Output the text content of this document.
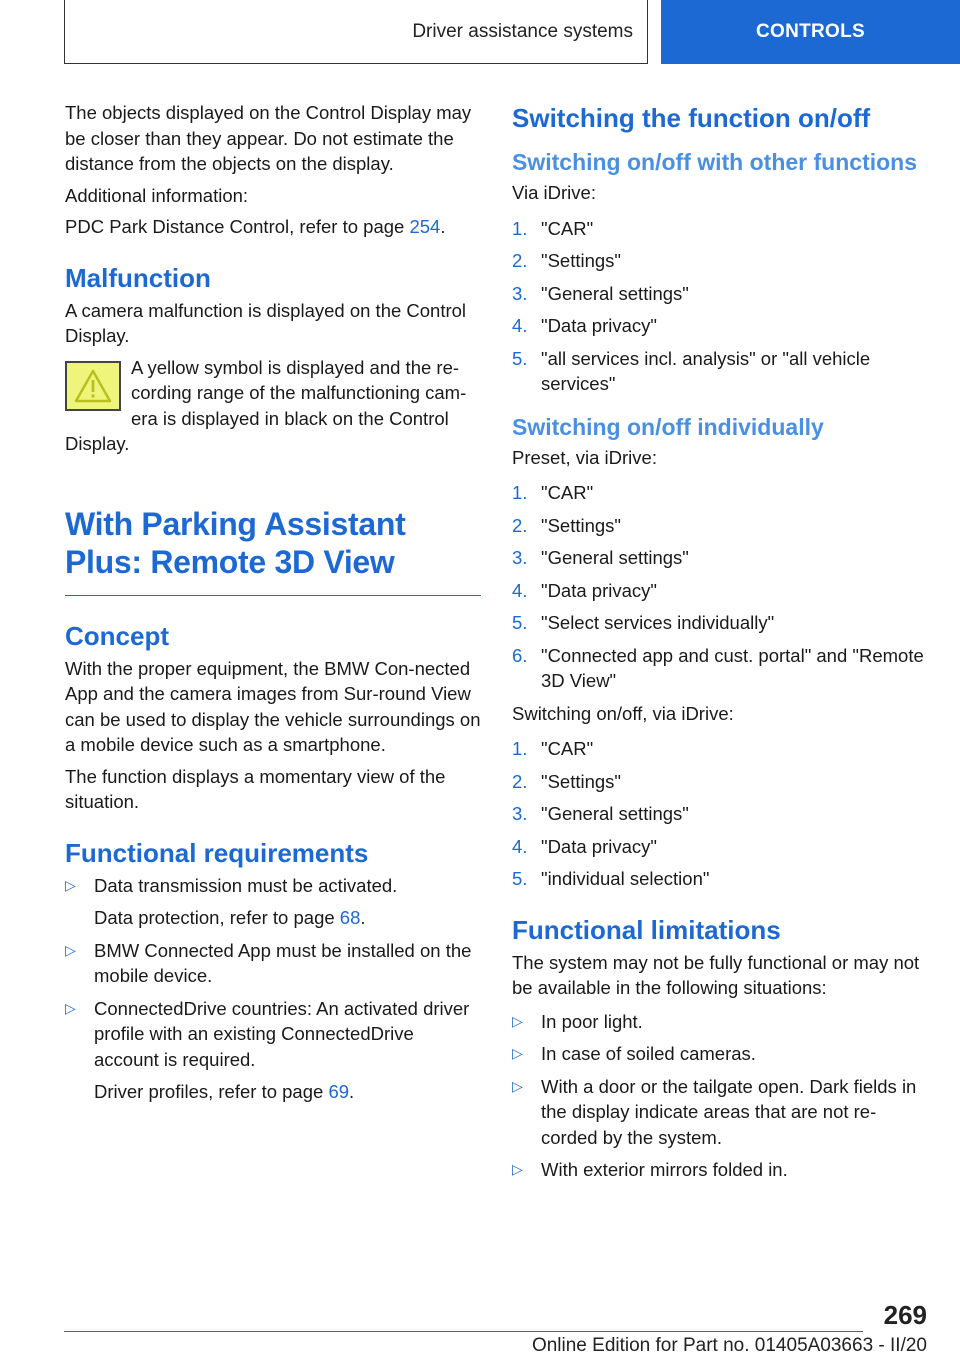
Driver assistance systems	CONTROLS

The objects displayed on the Control Display may be closer than they appear. Do not estimate the distance from the objects on the display.

Additional information:

PDC Park Distance Control, refer to page 254.

Malfunction

A camera malfunction is displayed on the Control Display.

A yellow symbol is displayed and the re‐cording range of the malfunctioning cam‐era is displayed in black on the Control Display.

With Parking Assistant Plus: Remote 3D View
Concept

With the proper equipment, the BMW Con‐nected App and the camera images from Sur‐round View can be used to display the vehicle surroundings on a mobile device such as a smartphone.

The function displays a momentary view of the situation.

Functional requirements
▷ Data transmission must be activated.
Data protection, refer to page 68.
▷ BMW Connected App must be installed on the mobile device.
▷ ConnectedDrive countries: An activated driver profile with an existing ConnectedDrive account is required.
Driver profiles, refer to page 69.
Switching the function on/off
Switching on/off with other functions

Via iDrive:

1. "CAR"
2. "Settings"
3. "General settings"
4. "Data privacy"
5. "all services incl. analysis" or "all vehicle services"
Switching on/off individually

Preset, via iDrive:

1. "CAR"
2. "Settings"
3. "General settings"
4. "Data privacy"
5. "Select services individually"
6. "Connected app and cust. portal" and "Remote 3D View"

Switching on/off, via iDrive:

1. "CAR"
2. "Settings"
3. "General settings"
4. "Data privacy"
5. "individual selection"
Functional limitations

The system may not be fully functional or may not be available in the following situations:

▷ In poor light.
▷ In case of soiled cameras.
▷ With a door or the tailgate open. Dark fields in the display indicate areas that are not re‐corded by the system.
▷ With exterior mirrors folded in.
269
Online Edition for Part no. 01405A03663 - II/20
